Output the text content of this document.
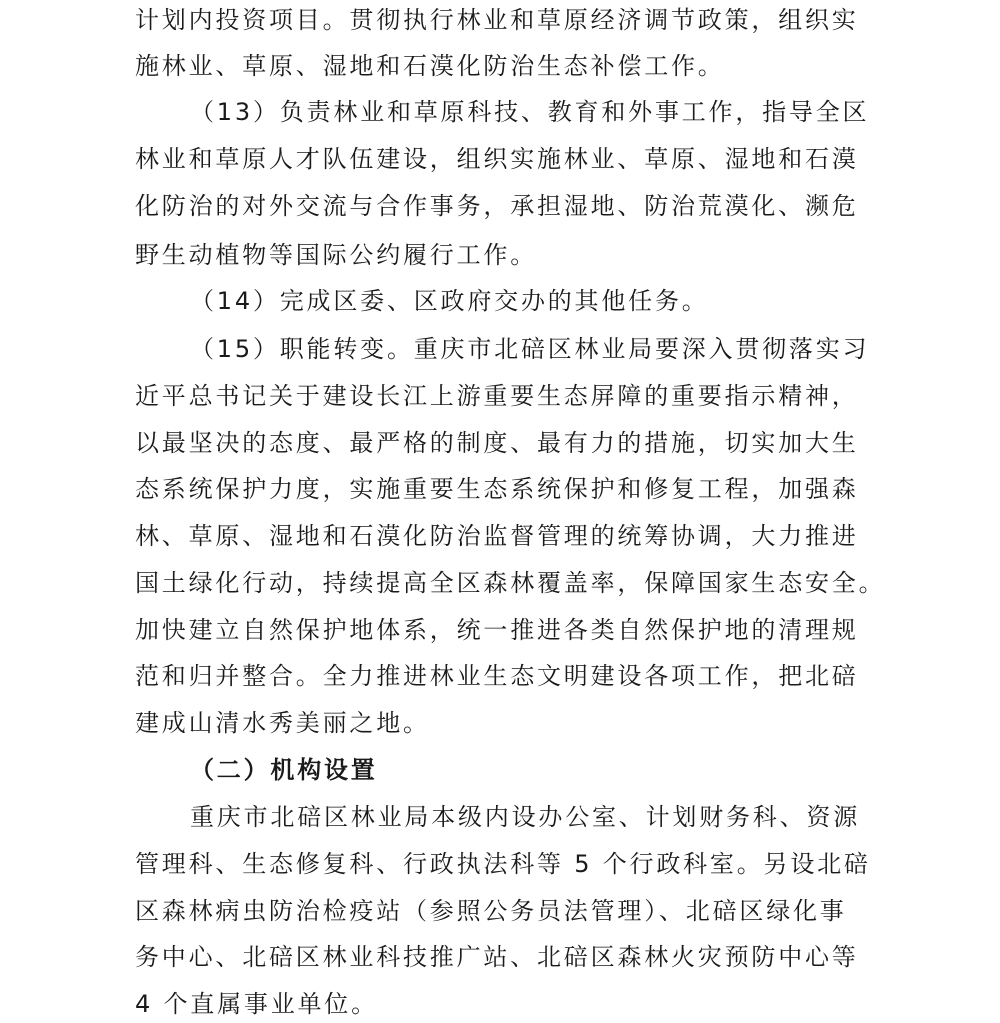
计划内投资项目。贯彻执行林业和草原经济调节政策，组织实
施林业、草原、湿地和石漠化防治生态补偿工作。
（13）负责林业和草原科技、教育和外事工作，指导全区
林业和草原人才队伍建设，组织实施林业、草原、湿地和石漠
化防治的对外交流与合作事务，承担湿地、防治荒漠化、濒危
野生动植物等国际公约履行工作。
（14）完成区委、区政府交办的其他任务。
（15）职能转变。重庆市北碚区林业局要深入贯彻落实习
近平总书记关于建设长江上游重要生态屏障的重要指示精神，
以最坚决的态度、最严格的制度、最有力的措施，切实加大生
态系统保护力度，实施重要生态系统保护和修复工程，加强森
林、草原、湿地和石漠化防治监督管理的统筹协调，大力推进
国土绿化行动，持续提高全区森林覆盖率，保障国家生态安全。
加快建立自然保护地体系，统一推进各类自然保护地的清理规
范和归并整合。全力推进林业生态文明建设各项工作，把北碚
建成山清水秀美丽之地。
（二）机构设置
重庆市北碚区林业局本级内设办公室、计划财务科、资源
管理科、生态修复科、行政执法科等 5 个行政科室。另设北碚
区森林病虫防治检疫站（参照公务员法管理）、北碚区绿化事
务中心、北碚区林业科技推广站、北碚区森林火灾预防中心等
4 个直属事业单位。
